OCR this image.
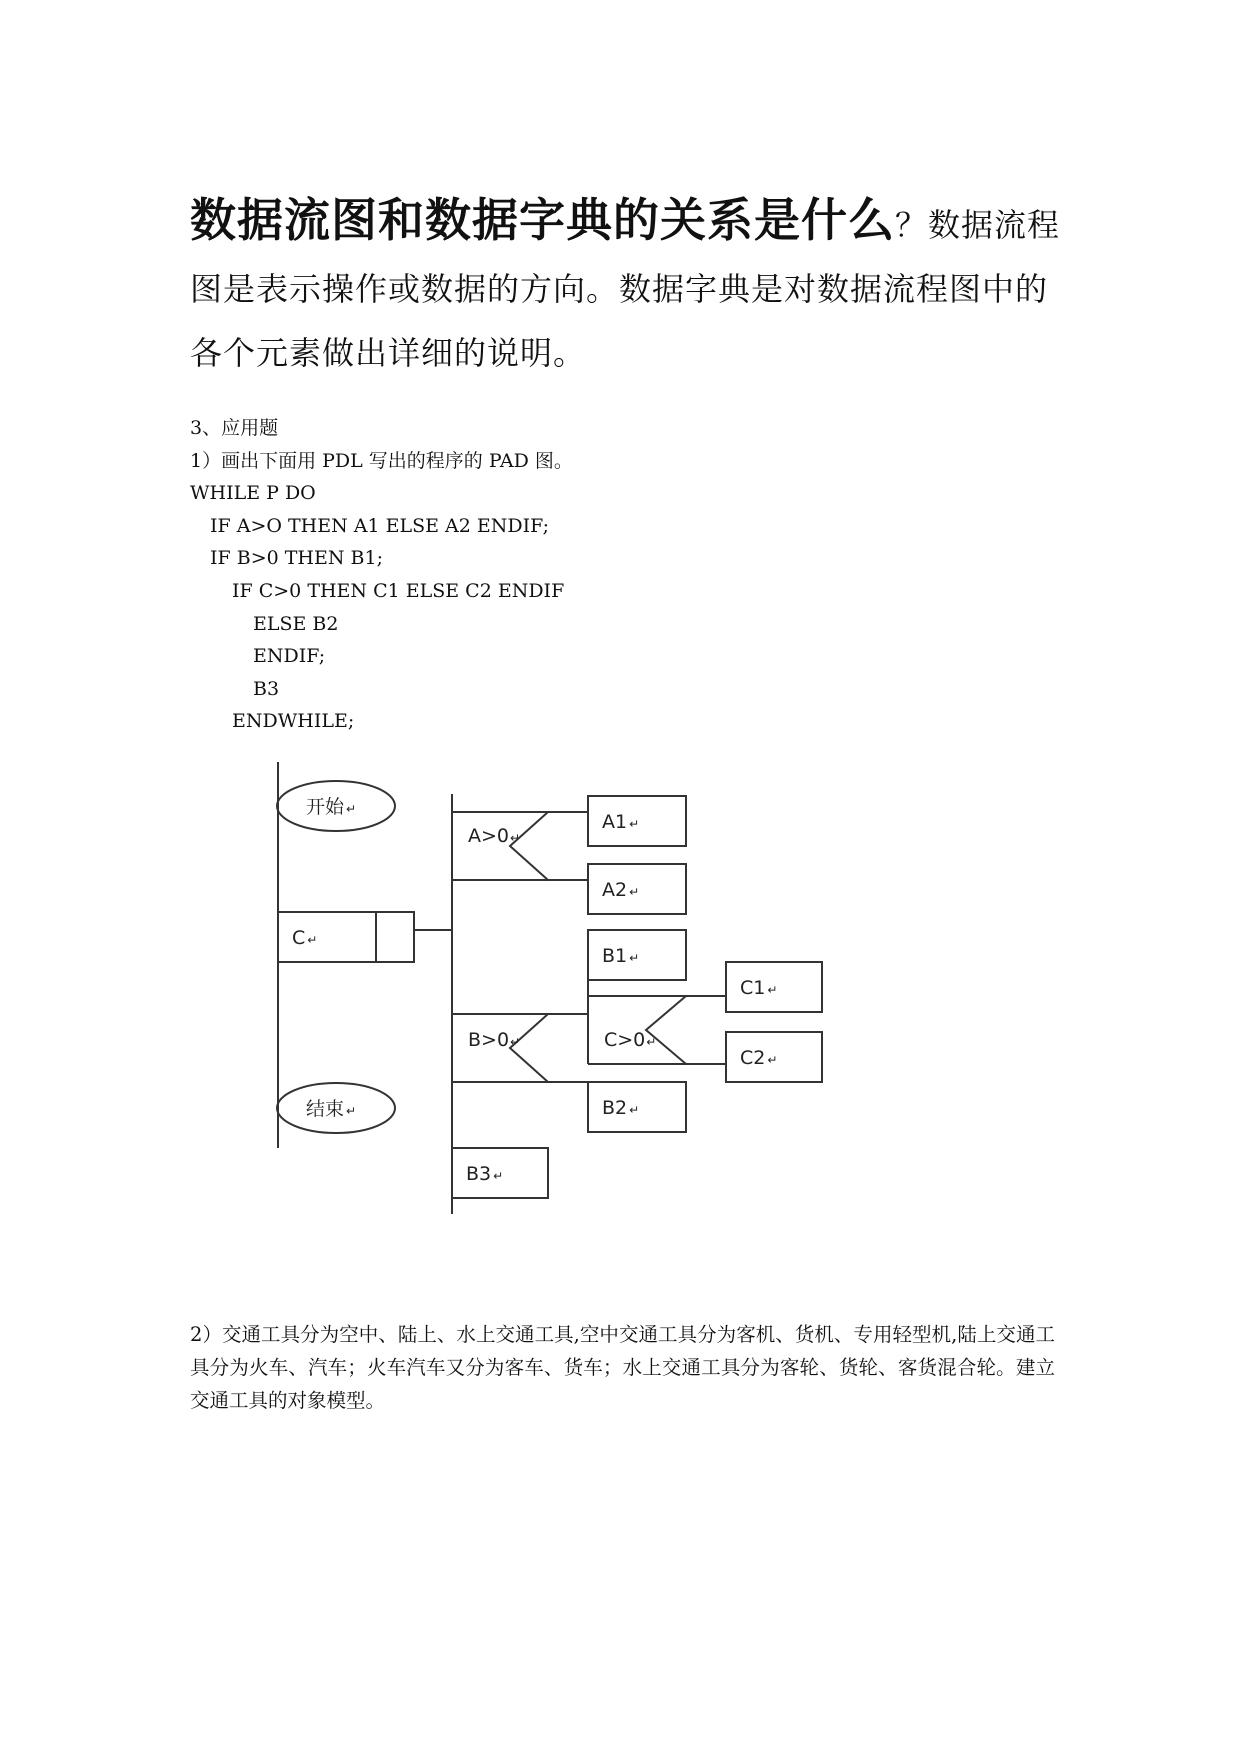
数据流图和数据字典的关系是什么？数据流程图是表示操作或数据的方向。数据字典是对数据流程图中的各个元素做出详细的说明。
3、应用题
1）画出下面用 PDL 写出的程序的 PAD 图。
WHILE P DO
IF A>O THEN A1 ELSE A2 ENDIF;
IF B>0 THEN B1;
IF C>0 THEN C1 ELSE C2 ENDIF
ELSE B2
ENDIF;
B3
ENDWHILE;
开始 ↵
结束 ↵
C ↵
A>0↵
A1 ↵
A2 ↵
B>0↵
B1 ↵
B2 ↵
C>0↵
C1 ↵
C2 ↵
B3 ↵
2）交通工具分为空中、陆上、水上交通工具,空中交通工具分为客机、货机、专用轻型机,陆上交通工具分为火车、汽车；火车汽车又分为客车、货车；水上交通工具分为客轮、货轮、客货混合轮。建立交通工具的对象模型。
